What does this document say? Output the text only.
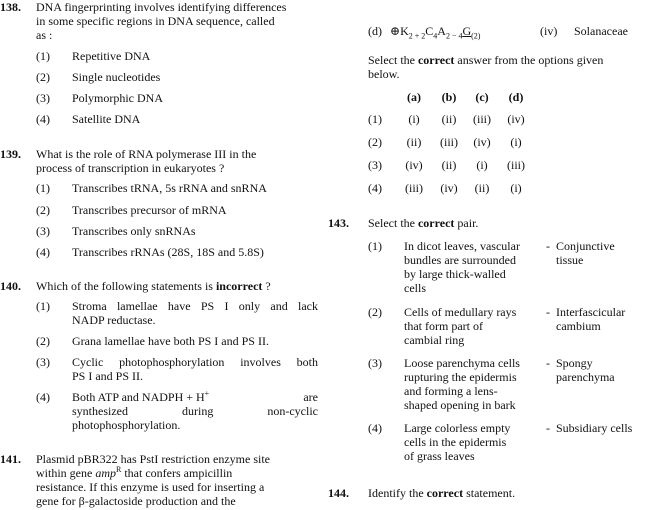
138. DNA fingerprinting involves identifying differences
in some specific regions in DNA sequence, called
as :
(1) Repetitive DNA
(2) Single nucleotides
(3) Polymorphic DNA
(4) Satellite DNA
139. What is the role of RNA polymerase III in the
process of transcription in eukaryotes ?
(1) Transcribes tRNA, 5s rRNA and snRNA
(2) Transcribes precursor of mRNA
(3) Transcribes only snRNAs
(4) Transcribes rRNAs (28S, 18S and 5.8S)
140. Which of the following statements is incorrect ?
(1) Stroma lamellae have PS I only and lack
NADP reductase.
(2) Grana lamellae have both PS I and PS II.
(3) Cyclic photophosphorylation involves both
PS I and PS II.
(4) Both ATP and NADPH + H+	are
synthesized during non-cyclic
photophosphorylation.
141. Plasmid pBR322 has PstI restriction enzyme site
within gene amp$^R$ that confers ampicillin
resistance. If this enzyme is used for inserting a
gene for β-galactoside production and the
(d) $\oplus K_{2 + 2}C_4A_{2 - 4}G_{(2)}$	(iv) Solanaceae
Select the correct answer from the options given
below.
(a)	(b)	(c)	(d)
(1)	(i)	(ii)	(iii) (iv)
(2)	(ii)	(iii) (iv)	(i)
(3) (iv)	(ii)	(i)	(iii)
(4) (iii) (iv)	(ii)	(i)
143. Select the correct pair.
(1) In dicot leaves, vascular
bundles are surrounded
by large thick-walled
cells
- Conjunctive
tissue
(2) Cells of medullary rays
that form part of
cambial ring
- Interfascicular
cambium
(3) Loose parenchyma cells
rupturing the epidermis
and forming a lens-
shaped opening in bark
- Spongy
parenchyma
(4) Large colorless empty
cells in the epidermis
of grass leaves
- Subsidiary cells
144. Identify the correct statement.
